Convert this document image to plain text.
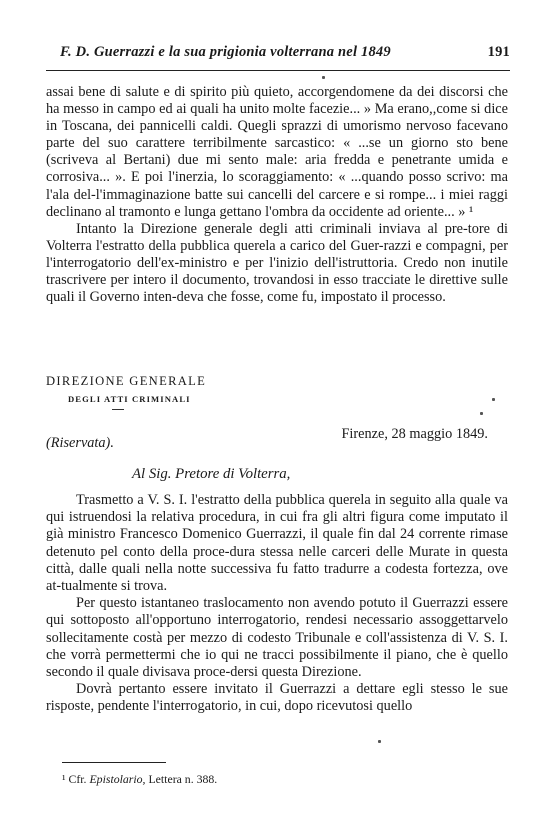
F. D. Guerrazzi e la sua prigionia volterrana nel 1849	191

assai bene di salute e di spirito più quieto, accorgendomene da dei discorsi che ha messo in campo ed ai quali ha unito molte facezie... » Ma erano,,come si dice in Toscana, dei pannicelli caldi. Quegli sprazzi di umorismo nervoso facevano parte del suo carattere terribilmente sarcastico: « ...se un giorno sto bene (scriveva al Bertani) due mi sento male: aria fredda e penetrante umida e corrosiva... ». E poi l'inerzia, lo scoraggiamento: « ...quando posso scrivo: ma l'ala del-l'immaginazione batte sui cancelli del carcere e si rompe... i miei raggi declinano al tramonto e lunga gettano l'ombra da occidente ad oriente... » ¹

Intanto la Direzione generale degli atti criminali inviava al pre-tore di Volterra l'estratto della pubblica querela a carico del Guer-razzi e compagni, per l'interrogatorio dell'ex-ministro e per l'inizio dell'istruttoria. Credo non inutile trascrivere per intero il documento, trovandosi in esso tracciate le direttive sulle quali il Governo inten-deva che fosse, come fu, impostato il processo.

DIREZIONE GENERALE
DEGLI ATTI CRIMINALI
Firenze, 28 maggio 1849.
(Riservata).
Al Sig. Pretore di Volterra,

Trasmetto a V. S. I. l'estratto della pubblica querela in seguito alla quale va qui istruendosi la relativa procedura, in cui fra gli altri figura come imputato il già ministro Francesco Domenico Guerrazzi, il quale fin dal 24 corrente rimase detenuto pel conto della proce-dura stessa nelle carceri delle Murate in questa città, dalle quali nella notte successiva fu fatto tradurre a codesta fortezza, ove at-tualmente si trova.

Per questo istantaneo traslocamento non avendo potuto il Guerrazzi essere qui sottoposto all'opportuno interrogatorio, rendesi necessario assoggettarvelo sollecitamente costà per mezzo di codesto Tribunale e coll'assistenza di V. S. I. che vorrà permettermi che io qui ne tracci possibilmente il piano, che è quello secondo il quale divisava proce-dersi questa Direzione.

Dovrà pertanto essere invitato il Guerrazzi a dettare egli stesso le sue risposte, pendente l'interrogatorio, in cui, dopo ricevutosi quello

¹ Cfr. Epistolario, Lettera n. 388.
